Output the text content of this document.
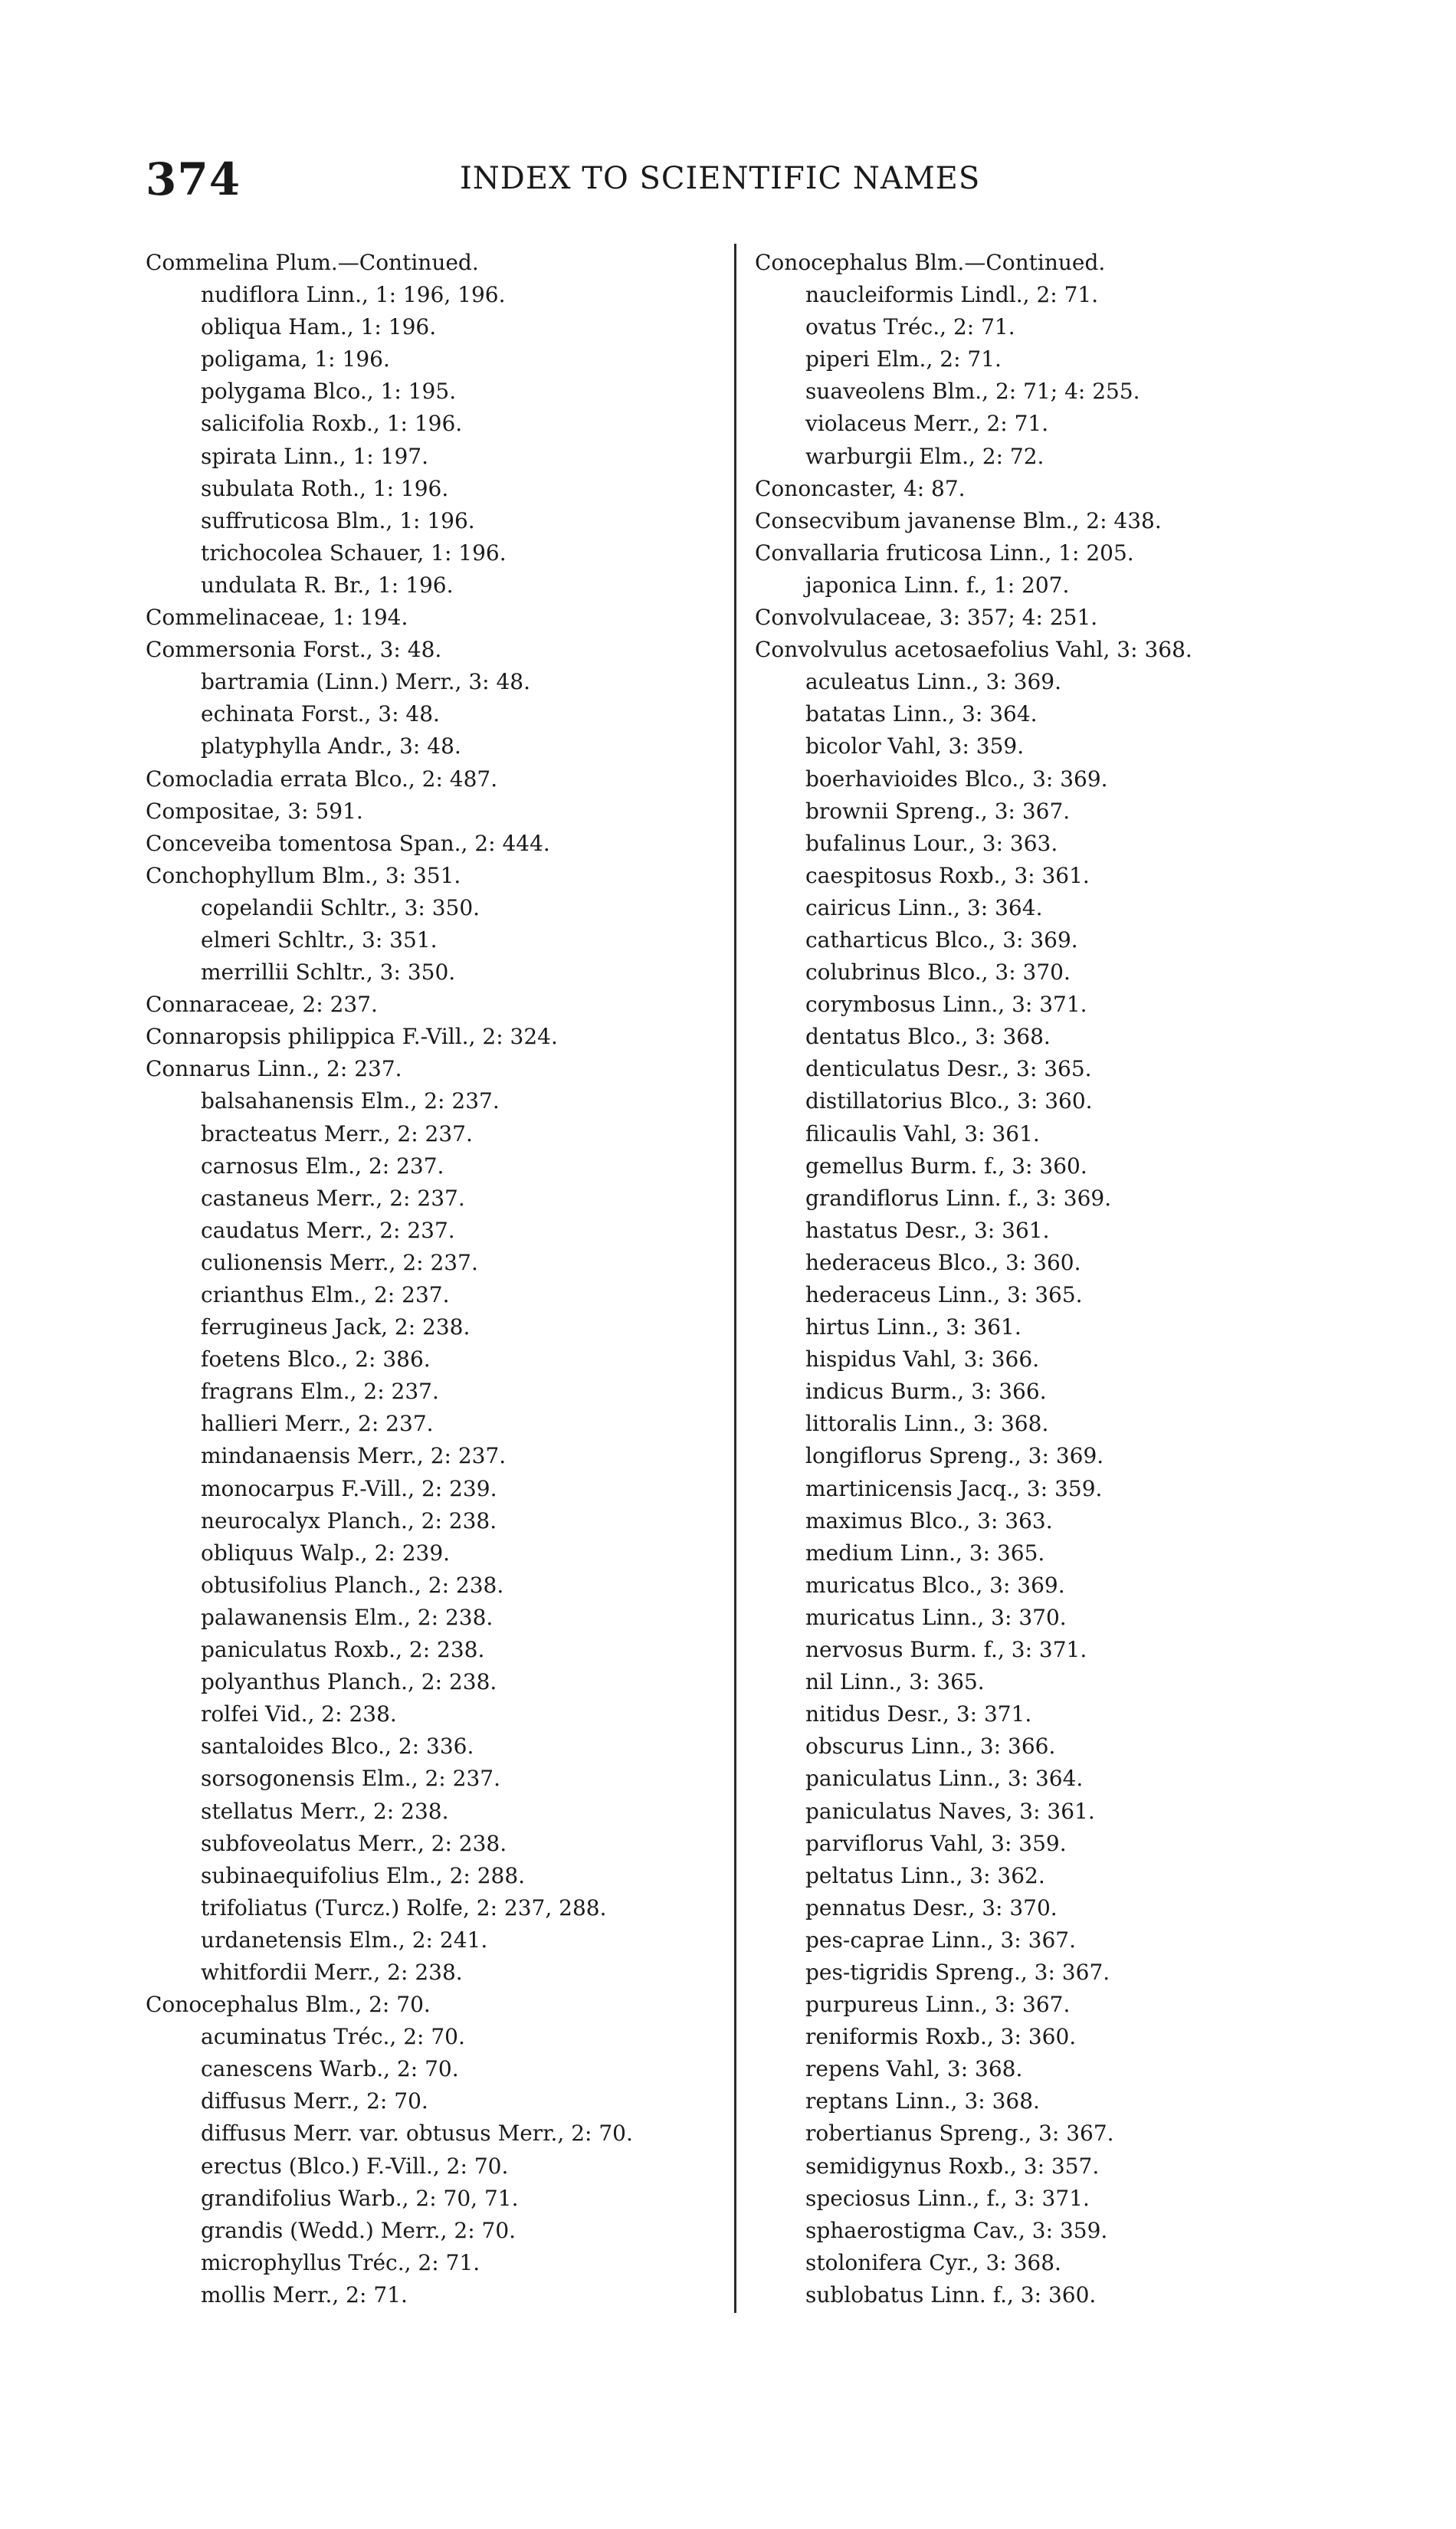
374	INDEX TO SCIENTIFIC NAMES
Commelina Plum.—Continued.
nudiflora Linn., 1: 196, 196.
obliqua Ham., 1: 196.
poligama, 1: 196.
polygama Blco., 1: 195.
salicifolia Roxb., 1: 196.
spirata Linn., 1: 197.
subulata Roth., 1: 196.
suffruticosa Blm., 1: 196.
trichocolea Schauer, 1: 196.
undulata R. Br., 1: 196.
Commelinaceae, 1: 194.
Commersonia Forst., 3: 48.
bartramia (Linn.) Merr., 3: 48.
echinata Forst., 3: 48.
platyphylla Andr., 3: 48.
Comocladia errata Blco., 2: 487.
Compositae, 3: 591.
Conceveiba tomentosa Span., 2: 444.
Conchophyllum Blm., 3: 351.
copelandii Schltr., 3: 350.
elmeri Schltr., 3: 351.
merrillii Schltr., 3: 350.
Connaraceae, 2: 237.
Connaropsis philippica F.-Vill., 2: 324.
Connarus Linn., 2: 237.
balsahanensis Elm., 2: 237.
bracteatus Merr., 2: 237.
carnosus Elm., 2: 237.
castaneus Merr., 2: 237.
caudatus Merr., 2: 237.
culionensis Merr., 2: 237.
crianthus Elm., 2: 237.
ferrugineus Jack, 2: 238.
foetens Blco., 2: 386.
fragrans Elm., 2: 237.
hallieri Merr., 2: 237.
mindanaensis Merr., 2: 237.
monocarpus F.-Vill., 2: 239.
neurocalyx Planch., 2: 238.
obliquus Walp., 2: 239.
obtusifolius Planch., 2: 238.
palawanensis Elm., 2: 238.
paniculatus Roxb., 2: 238.
polyanthus Planch., 2: 238.
rolfei Vid., 2: 238.
santaloides Blco., 2: 336.
sorsogonensis Elm., 2: 237.
stellatus Merr., 2: 238.
subfoveolatus Merr., 2: 238.
subinaequifolius Elm., 2: 288.
trifoliatus (Turcz.) Rolfe, 2: 237, 288.
urdanetensis Elm., 2: 241.
whitfordii Merr., 2: 238.
Conocephalus Blm., 2: 70.
acuminatus Tréc., 2: 70.
canescens Warb., 2: 70.
diffusus Merr., 2: 70.
diffusus Merr. var. obtusus Merr., 2: 70.
erectus (Blco.) F.-Vill., 2: 70.
grandifolius Warb., 2: 70, 71.
grandis (Wedd.) Merr., 2: 70.
microphyllus Tréc., 2: 71.
mollis Merr., 2: 71.
Conocephalus Blm.—Continued.
naucleiformis Lindl., 2: 71.
ovatus Tréc., 2: 71.
piperi Elm., 2: 71.
suaveolens Blm., 2: 71; 4: 255.
violaceus Merr., 2: 71.
warburgii Elm., 2: 72.
Cononcaster, 4: 87.
Consecvibum javanense Blm., 2: 438.
Convallaria fruticosa Linn., 1: 205.
japonica Linn. f., 1: 207.
Convolvulaceae, 3: 357; 4: 251.
Convolvulus acetosaefolius Vahl, 3: 368.
aculeatus Linn., 3: 369.
batatas Linn., 3: 364.
bicolor Vahl, 3: 359.
boerhavioides Blco., 3: 369.
brownii Spreng., 3: 367.
bufalinus Lour., 3: 363.
caespitosus Roxb., 3: 361.
cairicus Linn., 3: 364.
catharticus Blco., 3: 369.
colubrinus Blco., 3: 370.
corymbosus Linn., 3: 371.
dentatus Blco., 3: 368.
denticulatus Desr., 3: 365.
distillatorius Blco., 3: 360.
filicaulis Vahl, 3: 361.
gemellus Burm. f., 3: 360.
grandiflorus Linn. f., 3: 369.
hastatus Desr., 3: 361.
hederaceus Blco., 3: 360.
hederaceus Linn., 3: 365.
hirtus Linn., 3: 361.
hispidus Vahl, 3: 366.
indicus Burm., 3: 366.
littoralis Linn., 3: 368.
longiflorus Spreng., 3: 369.
martinicensis Jacq., 3: 359.
maximus Blco., 3: 363.
medium Linn., 3: 365.
muricatus Blco., 3: 369.
muricatus Linn., 3: 370.
nervosus Burm. f., 3: 371.
nil Linn., 3: 365.
nitidus Desr., 3: 371.
obscurus Linn., 3: 366.
paniculatus Linn., 3: 364.
paniculatus Naves, 3: 361.
parviflorus Vahl, 3: 359.
peltatus Linn., 3: 362.
pennatus Desr., 3: 370.
pes-caprae Linn., 3: 367.
pes-tigridis Spreng., 3: 367.
purpureus Linn., 3: 367.
reniformis Roxb., 3: 360.
repens Vahl, 3: 368.
reptans Linn., 3: 368.
robertianus Spreng., 3: 367.
semidigynus Roxb., 3: 357.
speciosus Linn., f., 3: 371.
sphaerostigma Cav., 3: 359.
stolonifera Cyr., 3: 368.
sublobatus Linn. f., 3: 360.
